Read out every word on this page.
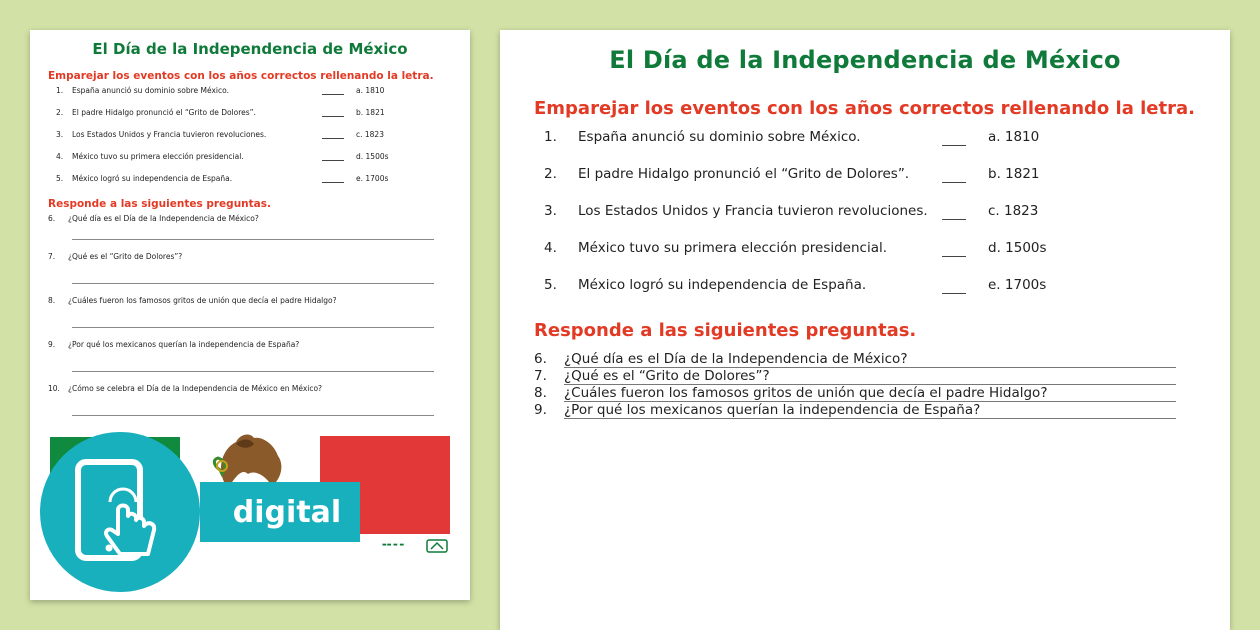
El Día de la Independencia de México
Emparejar los eventos con los años correctos rellenando la letra.
1.	España anunció su dominio sobre México.	a. 1810
2.	El padre Hidalgo pronunció el “Grito de Dolores”.	b. 1821
3.	Los Estados Unidos y Francia tuvieron revoluciones.	c. 1823
4.	México tuvo su primera elección presidencial.	d. 1500s
5.	México logró su independencia de España.	e. 1700s
Responde a las siguientes preguntas.
6.	¿Qué día es el Día de la Independencia de México?
7.	¿Qué es el “Grito de Dolores”?
8.	¿Cuáles fueron los famosos gritos de unión que decía el padre Hidalgo?
9.	¿Por qué los mexicanos querían la independencia de España?
10.	¿Cómo se celebra el Día de la Independencia de México en México?
▬▬ ▬ ▬
digital
El Día de la Independencia de México
Emparejar los eventos con los años correctos rellenando la letra.
1.	España anunció su dominio sobre México.	a. 1810
2.	El padre Hidalgo pronunció el “Grito de Dolores”.	b. 1821
3.	Los Estados Unidos y Francia tuvieron revoluciones.	c. 1823
4.	México tuvo su primera elección presidencial.	d. 1500s
5.	México logró su independencia de España.	e. 1700s
Responde a las siguientes preguntas.
6.	¿Qué día es el Día de la Independencia de México?
7.	¿Qué es el “Grito de Dolores”?
8.	¿Cuáles fueron los famosos gritos de unión que decía el padre Hidalgo?
9.	¿Por qué los mexicanos querían la independencia de España?
